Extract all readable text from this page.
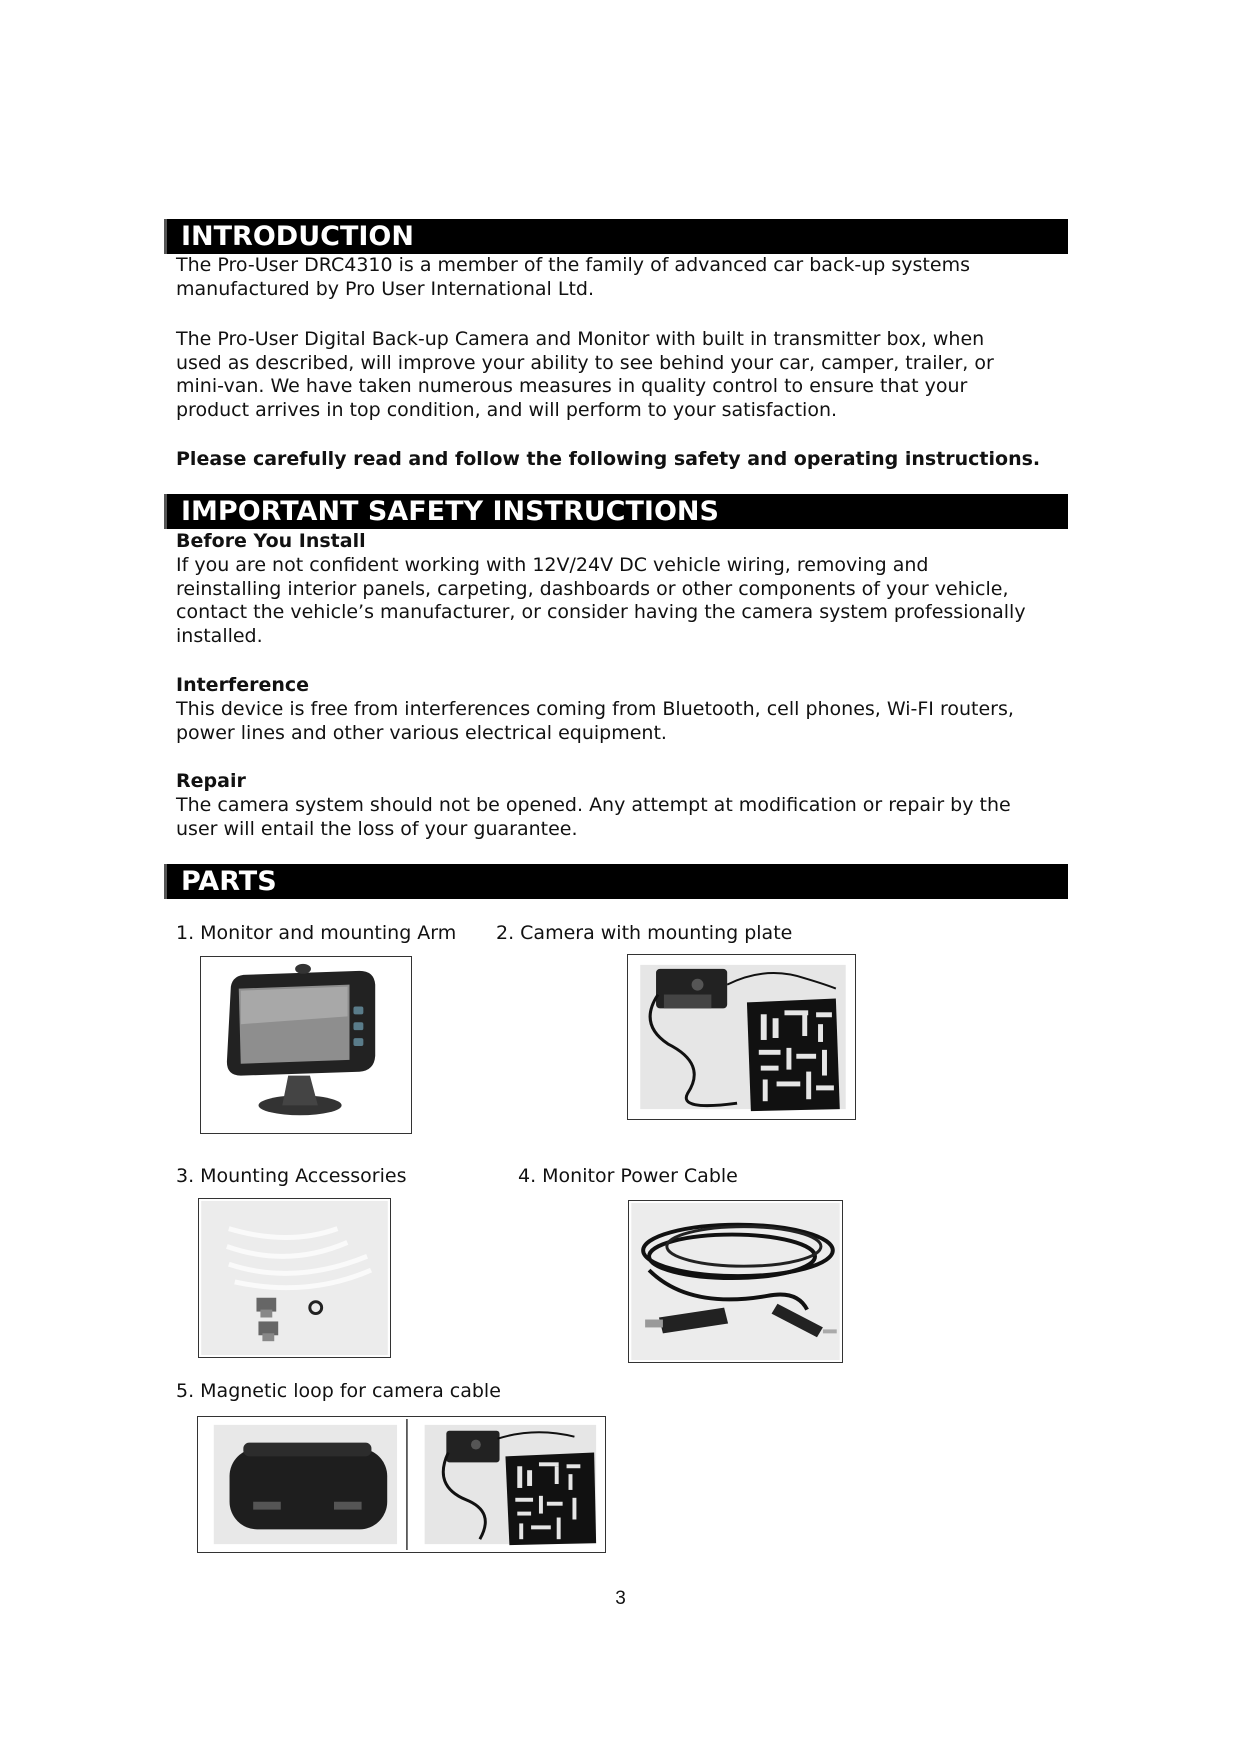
INTRODUCTION
The Pro-User DRC4310 is a member of the family of advanced car back-up systems
manufactured by Pro User International Ltd.
The Pro-User Digital Back-up Camera and Monitor with built in transmitter box, when
used as described, will improve your ability to see behind your car, camper, trailer, or
mini-van. We have taken numerous measures in quality control to ensure that your
product arrives in top condition, and will perform to your satisfaction.
Please carefully read and follow the following safety and operating instructions.
IMPORTANT SAFETY INSTRUCTIONS
Before You Install
If you are not confident working with 12V/24V DC vehicle wiring, removing and
reinstalling interior panels, carpeting, dashboards or other components of your vehicle,
contact the vehicle’s manufacturer, or consider having the camera system professionally
installed.
Interference
This device is free from interferences coming from Bluetooth, cell phones, Wi-FI routers,
power lines and other various electrical equipment.
Repair
The camera system should not be opened. Any attempt at modification or repair by the
user will entail the loss of your guarantee.
PARTS
1. Monitor and mounting Arm 2. Camera with mounting plate
3. Mounting Accessories	4. Monitor Power Cable
5. Magnetic loop for camera cable
3
